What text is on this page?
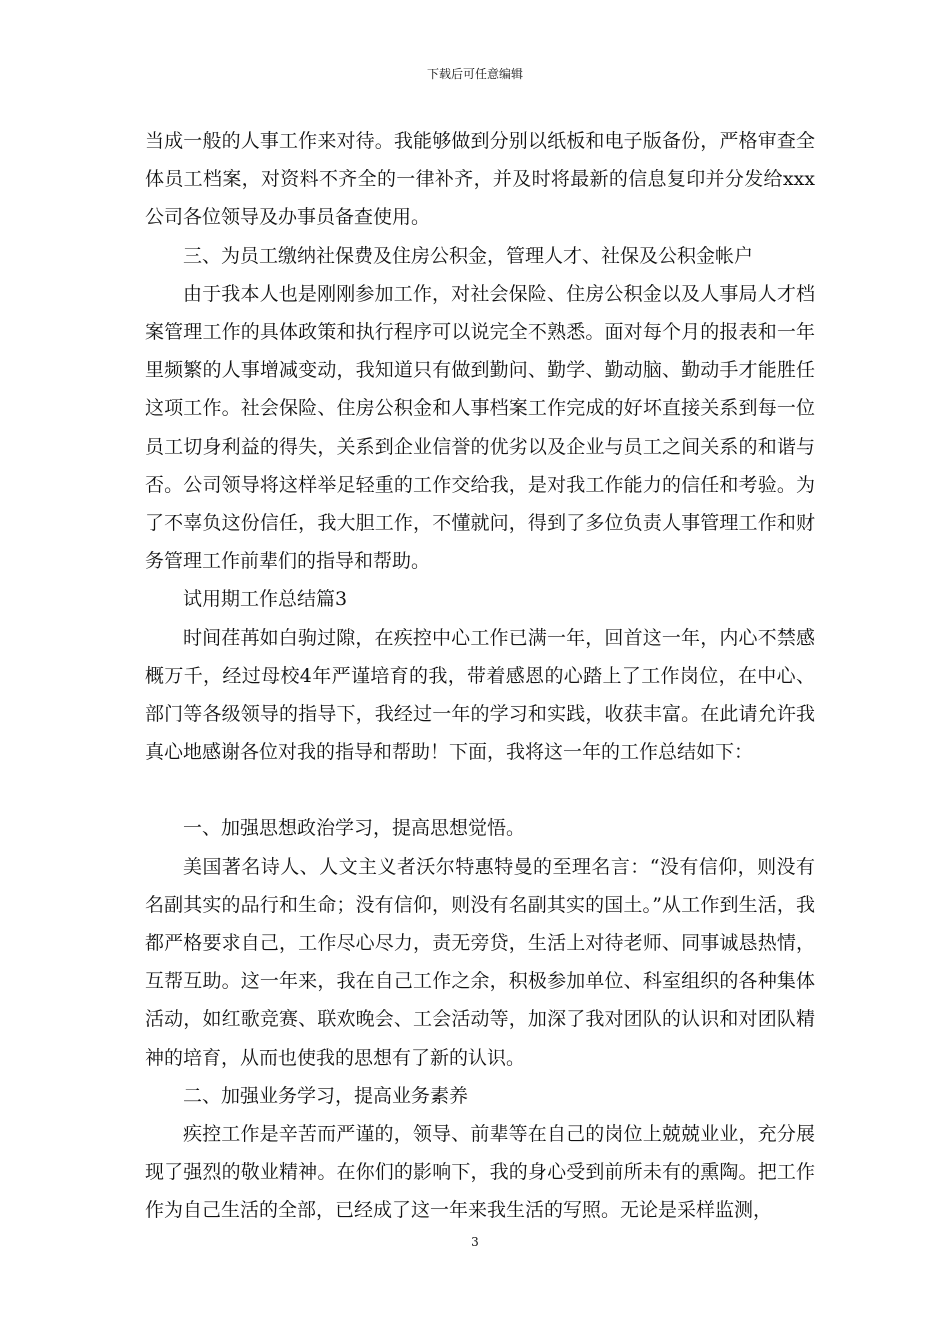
下载后可任意编辑

当成一般的人事工作来对待。我能够做到分别以纸板和电子版备份，严格审查全体员工档案，对资料不齐全的一律补齐，并及时将最新的信息复印并分发给xxx公司各位领导及办事员备查使用。

三、为员工缴纳社保费及住房公积金，管理人才、社保及公积金帐户

由于我本人也是刚刚参加工作，对社会保险、住房公积金以及人事局人才档案管理工作的具体政策和执行程序可以说完全不熟悉。面对每个月的报表和一年里频繁的人事增减变动，我知道只有做到勤问、勤学、勤动脑、勤动手才能胜任这项工作。社会保险、住房公积金和人事档案工作完成的好坏直接关系到每一位员工切身利益的得失，关系到企业信誉的优劣以及企业与员工之间关系的和谐与否。公司领导将这样举足轻重的工作交给我，是对我工作能力的信任和考验。为了不辜负这份信任，我大胆工作，不懂就问，得到了多位负责人事管理工作和财务管理工作前辈们的指导和帮助。

试用期工作总结篇3

时间荏苒如白驹过隙，在疾控中心工作已满一年，回首这一年，内心不禁感概万千，经过母校4年严谨培育的我，带着感恩的心踏上了工作岗位，在中心、部门等各级领导的指导下，我经过一年的学习和实践，收获丰富。在此请允许我真心地感谢各位对我的指导和帮助！下面，我将这一年的工作总结如下：

一、加强思想政治学习，提高思想觉悟。

美国著名诗人、人文主义者沃尔特惠特曼的至理名言：“没有信仰，则没有名副其实的品行和生命；没有信仰，则没有名副其实的国土。”从工作到生活，我都严格要求自己，工作尽心尽力，责无旁贷，生活上对待老师、同事诚恳热情，互帮互助。这一年来，我在自己工作之余，积极参加单位、科室组织的各种集体活动，如红歌竞赛、联欢晚会、工会活动等，加深了我对团队的认识和对团队精神的培育，从而也使我的思想有了新的认识。

二、加强业务学习，提高业务素养

疾控工作是辛苦而严谨的，领导、前辈等在自己的岗位上兢兢业业，充分展现了强烈的敬业精神。在你们的影响下，我的身心受到前所未有的熏陶。把工作作为自己生活的全部，已经成了这一年来我生活的写照。无论是采样监测，

3
